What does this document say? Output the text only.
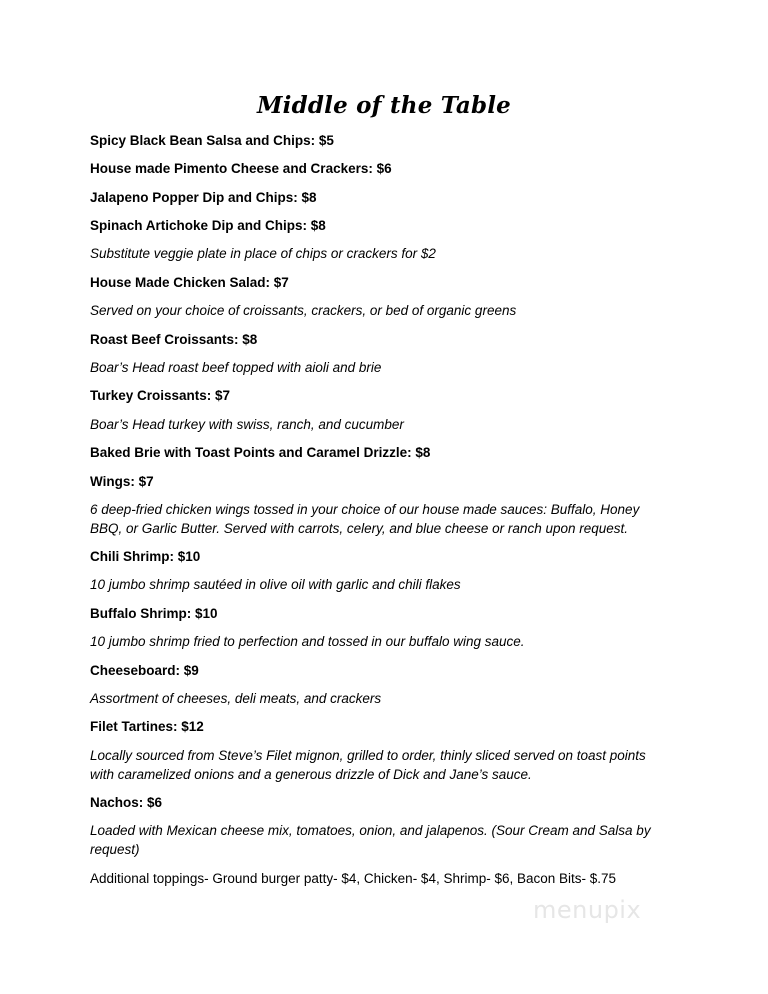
Middle of the Table
Spicy Black Bean Salsa and Chips: $5
House made Pimento Cheese and Crackers: $6
Jalapeno Popper Dip and Chips: $8
Spinach Artichoke Dip and Chips: $8
Substitute veggie plate in place of chips or crackers for $2
House Made Chicken Salad: $7
Served on your choice of croissants, crackers, or bed of organic greens
Roast Beef Croissants: $8
Boar’s Head roast beef topped with aioli and brie
Turkey Croissants: $7
Boar’s Head turkey with swiss, ranch, and cucumber
Baked Brie with Toast Points and Caramel Drizzle: $8
Wings: $7
6 deep-fried chicken wings tossed in your choice of our house made sauces: Buffalo, Honey BBQ, or Garlic Butter. Served with carrots, celery, and blue cheese or ranch upon request.
Chili Shrimp: $10
10 jumbo shrimp sautéed in olive oil with garlic and chili flakes
Buffalo Shrimp: $10
10 jumbo shrimp fried to perfection and tossed in our buffalo wing sauce.
Cheeseboard: $9
Assortment of cheeses, deli meats, and crackers
Filet Tartines: $12
Locally sourced from Steve’s Filet mignon, grilled to order, thinly sliced served on toast points with caramelized onions and a generous drizzle of Dick and Jane’s sauce.
Nachos: $6
Loaded with Mexican cheese mix, tomatoes, onion, and jalapenos. (Sour Cream and Salsa by request)
Additional toppings- Ground burger patty- $4, Chicken- $4, Shrimp- $6, Bacon Bits- $.75
menupix
